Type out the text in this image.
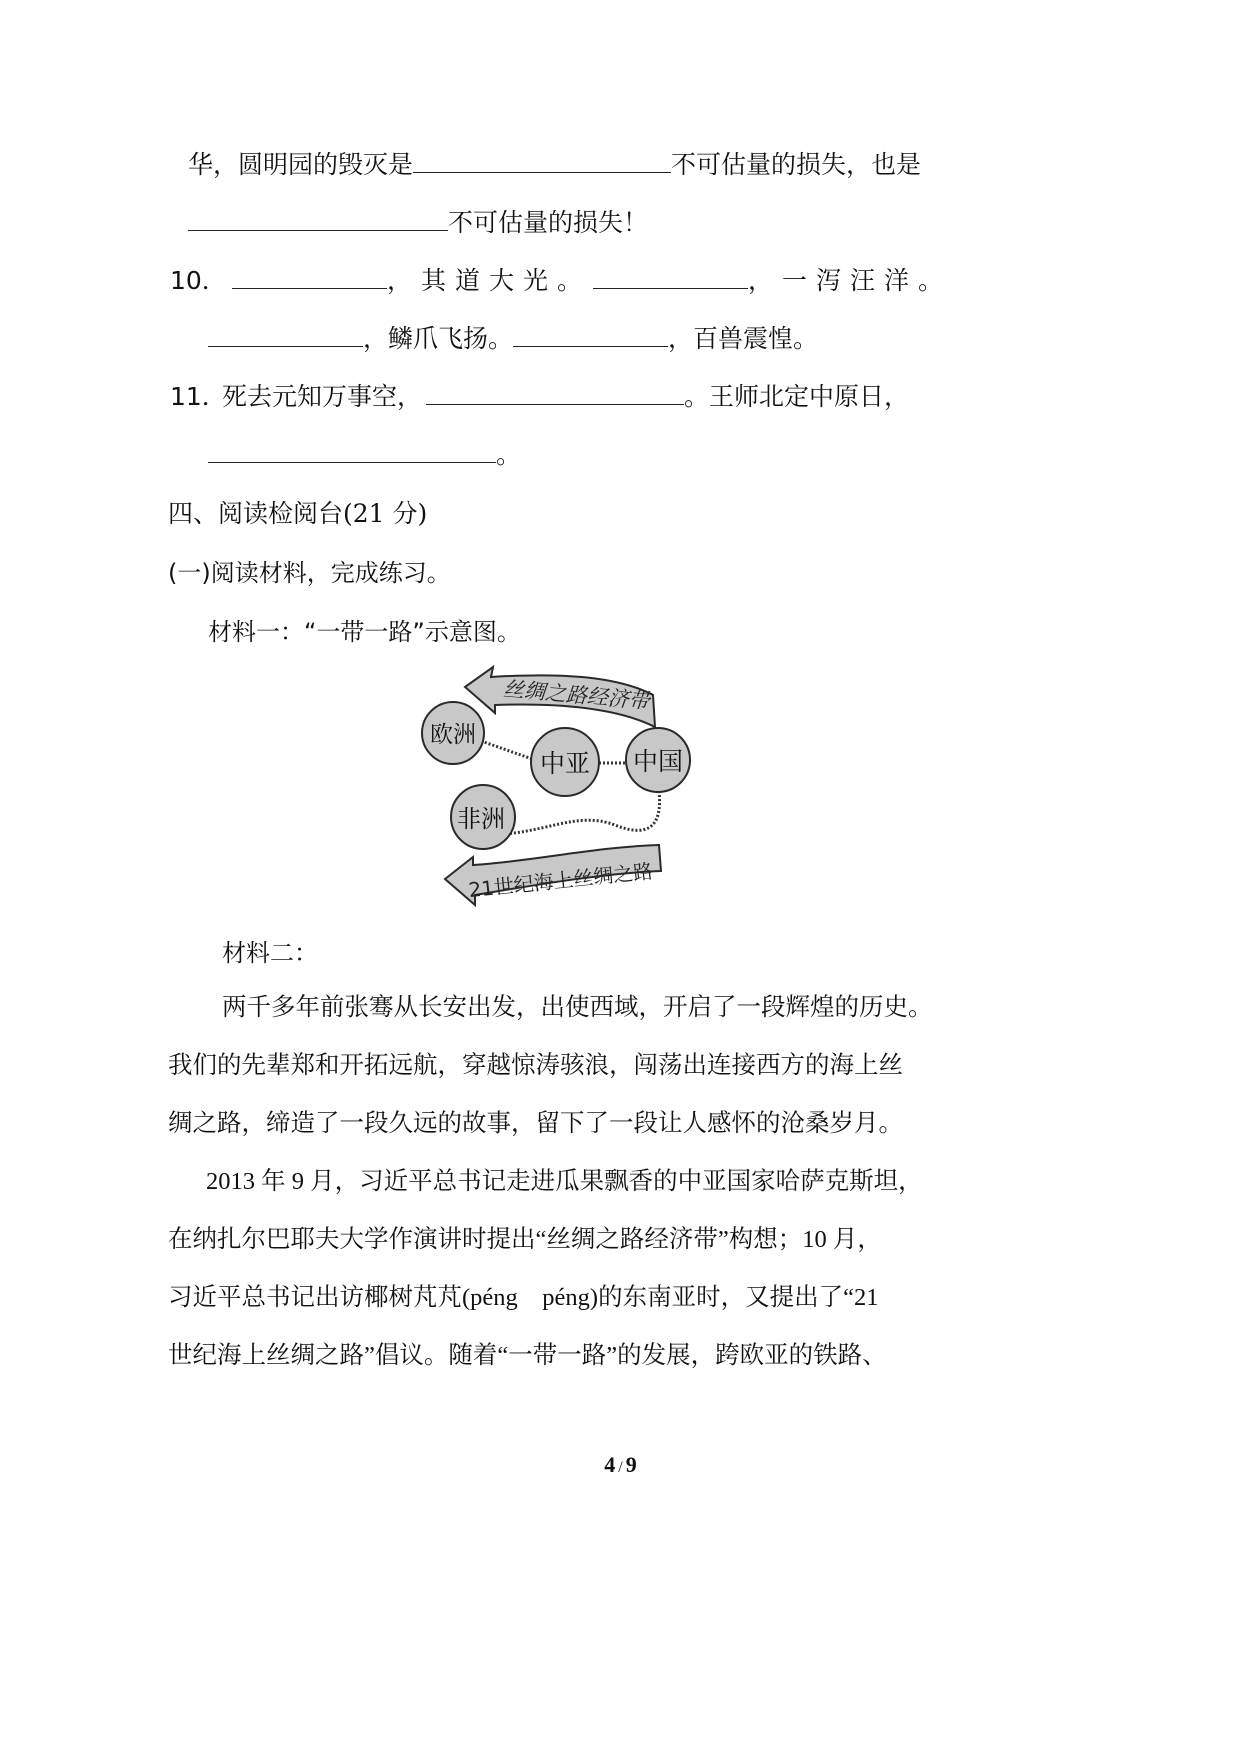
华，圆明园的毁灭是	不可估量的损失，也是
不可估量的损失！
10．	，其道大光。	，一泻汪洋。
，鳞爪飞扬。	，百兽震惶。
11．死去元知万事空，	。王师北定中原日，
。
四、阅读检阅台(21 分)
(一)阅读材料，完成练习。
材料一：“一带一路”示意图。
丝绸之路经济带
欧洲
中亚 中国
非洲
21世纪海上丝绸之路
材料二：
两千多年前张骞从长安出发，出使西域，开启了一段辉煌的历史。
我们的先辈郑和开拓远航，穿越惊涛骇浪，闯荡出连接西方的海上丝
绸之路，缔造了一段久远的故事，留下了一段让人感怀的沧桑岁月。
2013 年 9 月，习近平总书记走进瓜果飘香的中亚国家哈萨克斯坦，
在纳扎尔巴耶夫大学作演讲时提出“丝绸之路经济带”构想；10 月，
习近平总书记出访椰树芃芃(péng　péng)的东南亚时，又提出了“21
世纪海上丝绸之路”倡议。随着“一带一路”的发展，跨欧亚的铁路、
4 / 9
